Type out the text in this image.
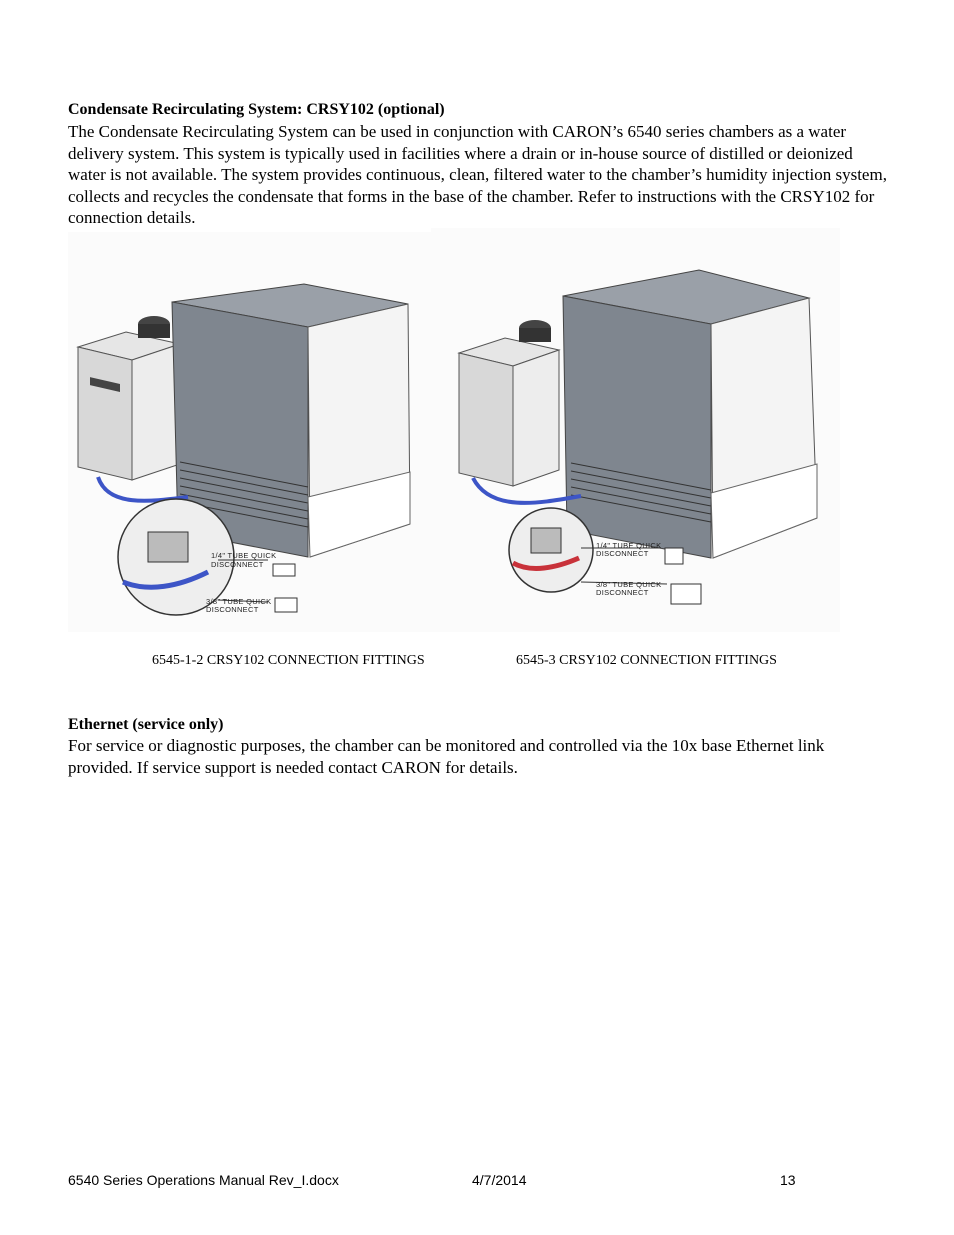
Condensate Recirculating System: CRSY102 (optional)
The Condensate Recirculating System can be used in conjunction with CARON’s 6540 series chambers as a water delivery system. This system is typically used in facilities where a drain or in-house source of distilled or deionized water is not available. The system provides continuous, clean, filtered water to the chamber’s humidity injection system, collects and recycles the condensate that forms in the base of the chamber. Refer to instructions with the CRSY102 for connection details.
1/4" TUBE QUICK
DISCONNECT
3/8" TUBE QUICK
DISCONNECT
1/4" TUBE QUICK
DISCONNECT
3/8" TUBE QUICK
DISCONNECT
6545-1-2 CRSY102 CONNECTION FITTINGS	6545-3 CRSY102 CONNECTION FITTINGS
Ethernet (service only)
For service or diagnostic purposes, the chamber can be monitored and controlled via the 10x base Ethernet link provided. If service support is needed contact CARON for details.
6540 Series Operations Manual Rev_I.docx	4/7/2014	13
